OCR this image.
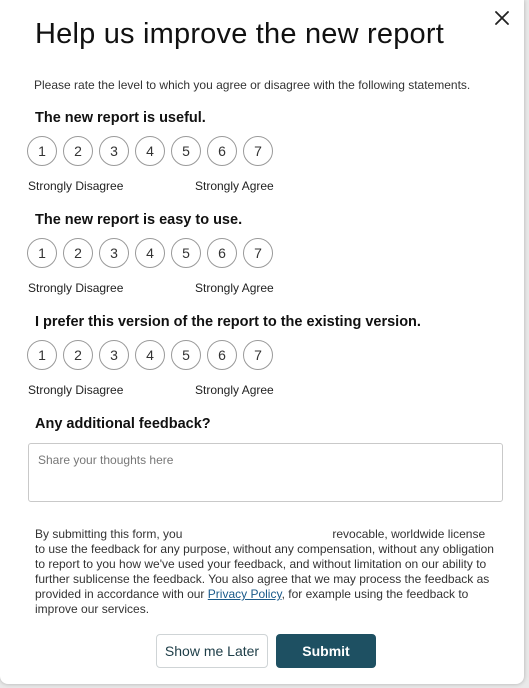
Help us improve the new report
Please rate the level to which you agree or disagree with the following statements.
The new report is useful.
1	2	3	4	5	6	7
Strongly Disagree	Strongly Agree
The new report is easy to use.
1	2	3	4	5	6	7
Strongly Disagree	Strongly Agree
I prefer this version of the report to the existing version.
1	2	3	4	5	6	7
Strongly Disagree	Strongly Agree
Any additional feedback?
Share your thoughts here
By submitting this form, you	revocable, worldwide license to use the feedback for any purpose, without any compensation, without any obligation to report to you how we've used your feedback, and without limitation on our ability to further sublicense the feedback. You also agree that we may process the feedback as provided in accordance with our Privacy Policy, for example using the feedback to improve our services.
Show me Later	Submit
